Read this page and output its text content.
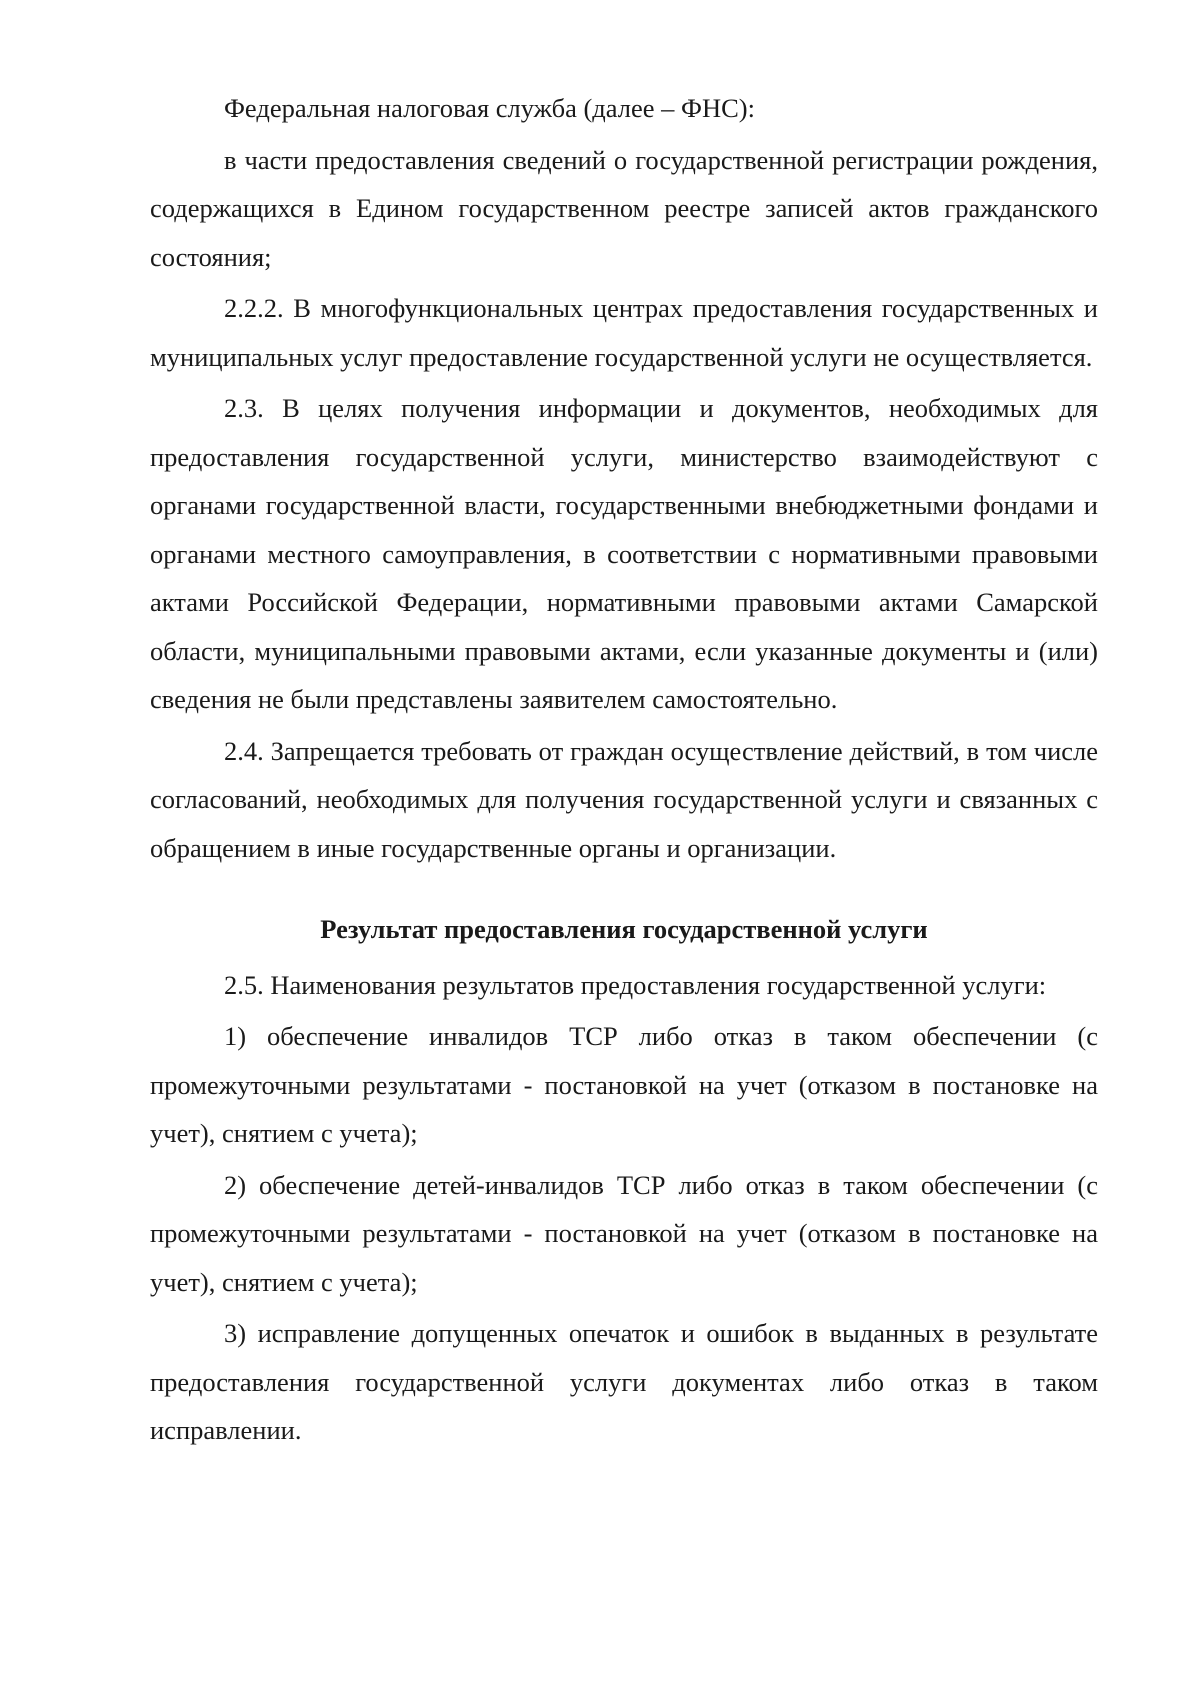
Федеральная налоговая служба (далее – ФНС):

в части предоставления сведений о государственной регистрации рождения, содержащихся в Едином государственном реестре записей актов гражданского состояния;

2.2.2. В многофункциональных центрах предоставления государственных и муниципальных услуг предоставление государственной услуги не осуществляется.

2.3. В целях получения информации и документов, необходимых для предоставления государственной услуги, министерство взаимодействуют с органами государственной власти, государственными внебюджетными фондами и органами местного самоуправления, в соответствии с нормативными правовыми актами Российской Федерации, нормативными правовыми актами Самарской области, муниципальными правовыми актами, если указанные документы и (или) сведения не были представлены заявителем самостоятельно.

2.4. Запрещается требовать от граждан осуществление действий, в том числе согласований, необходимых для получения государственной услуги и связанных с обращением в иные государственные органы и организации.

Результат предоставления государственной услуги

2.5. Наименования результатов предоставления государственной услуги:

1) обеспечение инвалидов ТСР либо отказ в таком обеспечении (с промежуточными результатами - постановкой на учет (отказом в постановке на учет), снятием с учета);

2) обеспечение детей-инвалидов ТСР либо отказ в таком обеспечении (с промежуточными результатами - постановкой на учет (отказом в постановке на учет), снятием с учета);

3) исправление допущенных опечаток и ошибок в выданных в результате предоставления государственной услуги документах либо отказ в таком исправлении.
